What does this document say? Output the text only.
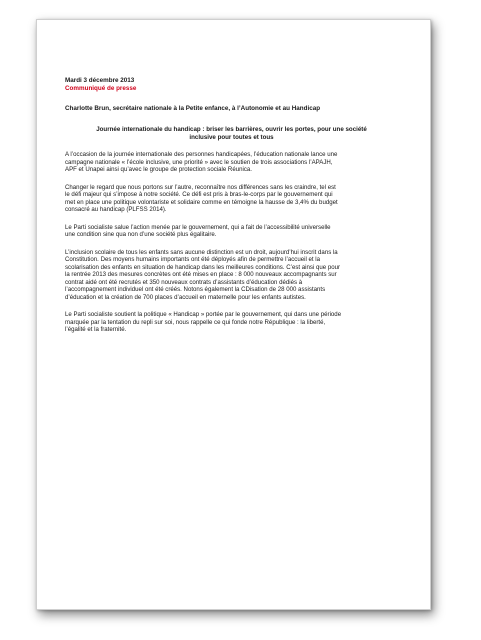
Mardi 3 décembre 2013
Communiqué de presse
Charlotte Brun, secrétaire nationale à la Petite enfance, à l’Autonomie et au Handicap
Journée internationale du handicap : briser les barrières, ouvrir les portes, pour une société
inclusive pour toutes et tous
A l’occasion de la journée internationale des personnes handicapées, l’éducation nationale lance une
campagne nationale « l’école inclusive, une priorité » avec le soutien de trois associations l’APAJH,
APF et Unapei ainsi qu’avec le groupe de protection sociale Réunica.
Changer le regard que nous portons sur l’autre, reconnaître nos différences sans les craindre, tel est
le défi majeur qui s’impose à notre société. Ce défi est pris à bras-le-corps par le gouvernement qui
met en place une politique volontariste et solidaire comme en témoigne la hausse de 3,4% du budget
consacré au handicap (PLFSS 2014).
Le Parti socialiste salue l’action menée par le gouvernement, qui a fait de l’accessibilité universelle
une condition sine qua non d’une société plus égalitaire.
L’inclusion scolaire de tous les enfants sans aucune distinction est un droit, aujourd’hui inscrit dans la
Constitution. Des moyens humains importants ont été déployés afin de permettre l’accueil et la
scolarisation des enfants en situation de handicap dans les meilleures conditions. C’est ainsi que pour
la rentrée 2013 des mesures concrètes ont été mises en place : 8 000 nouveaux accompagnants sur
contrat aidé ont été recrutés et 350 nouveaux contrats d’assistants d’éducation dédiés à
l’accompagnement individuel ont été créés. Notons également la CDisation de 28 000 assistants
d’éducation et la création de 700 places d’accueil en maternelle pour les enfants autistes.
Le Parti socialiste soutient la politique « Handicap » portée par le gouvernement, qui dans une période
marquée par la tentation du repli sur soi, nous rappelle ce qui fonde notre République : la liberté,
l’égalité et la fraternité.
